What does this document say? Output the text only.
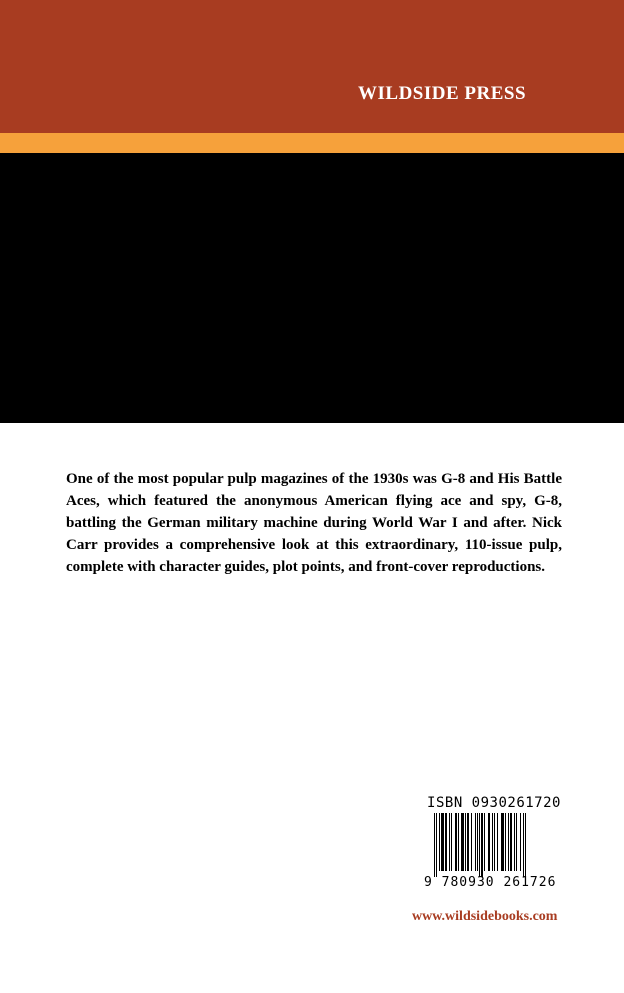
WILDSIDE PRESS

One of the most popular pulp magazines of the 1930s was G-8 and His Battle Aces, which featured the anonymous American flying ace and spy, G-8, battling the German military machine during World War I and after. Nick Carr provides a comprehensive look at this extraordinary, 110-issue pulp, complete with character guides, plot points, and front-cover reproductions.

ISBN 0930261720
9 780930 261726
www.wildsidebooks.com
